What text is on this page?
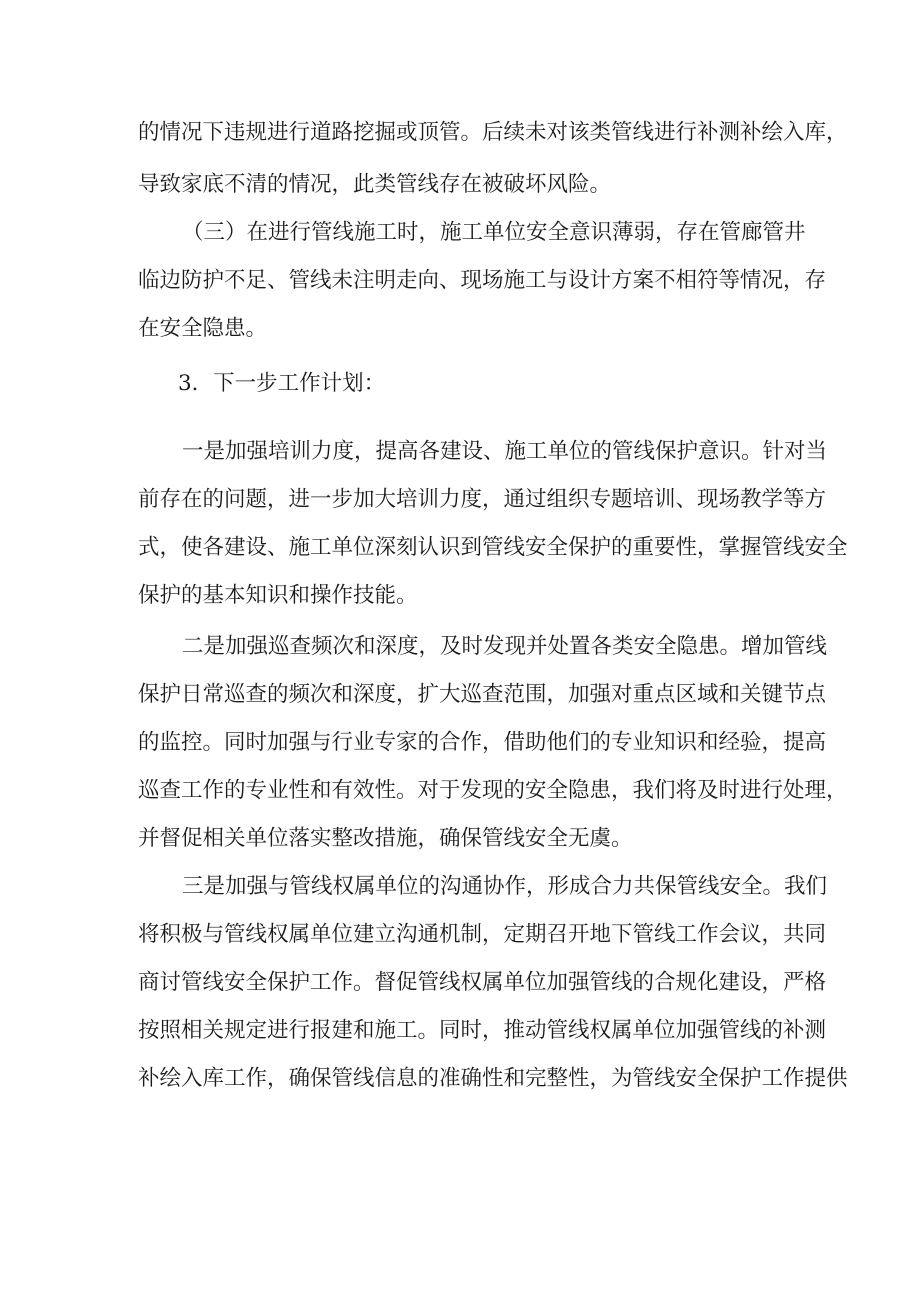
的情况下违规进行道路挖掘或顶管。后续未对该类管线进行补测补绘入库，
导致家底不清的情况，此类管线存在被破坏风险。
（三）在进行管线施工时，施工单位安全意识薄弱，存在管廊管井
临边防护不足、管线未注明走向、现场施工与设计方案不相符等情况，存
在安全隐患。
3．下一步工作计划：
一是加强培训力度，提高各建设、施工单位的管线保护意识。针对当
前存在的问题，进一步加大培训力度，通过组织专题培训、现场教学等方
式，使各建设、施工单位深刻认识到管线安全保护的重要性，掌握管线安全
保护的基本知识和操作技能。
二是加强巡查频次和深度，及时发现并处置各类安全隐患。增加管线
保护日常巡查的频次和深度，扩大巡查范围，加强对重点区域和关键节点
的监控。同时加强与行业专家的合作，借助他们的专业知识和经验，提高
巡查工作的专业性和有效性。对于发现的安全隐患，我们将及时进行处理，
并督促相关单位落实整改措施，确保管线安全无虞。
三是加强与管线权属单位的沟通协作，形成合力共保管线安全。我们
将积极与管线权属单位建立沟通机制，定期召开地下管线工作会议，共同
商讨管线安全保护工作。督促管线权属单位加强管线的合规化建设，严格
按照相关规定进行报建和施工。同时，推动管线权属单位加强管线的补测
补绘入库工作，确保管线信息的准确性和完整性，为管线安全保护工作提供
